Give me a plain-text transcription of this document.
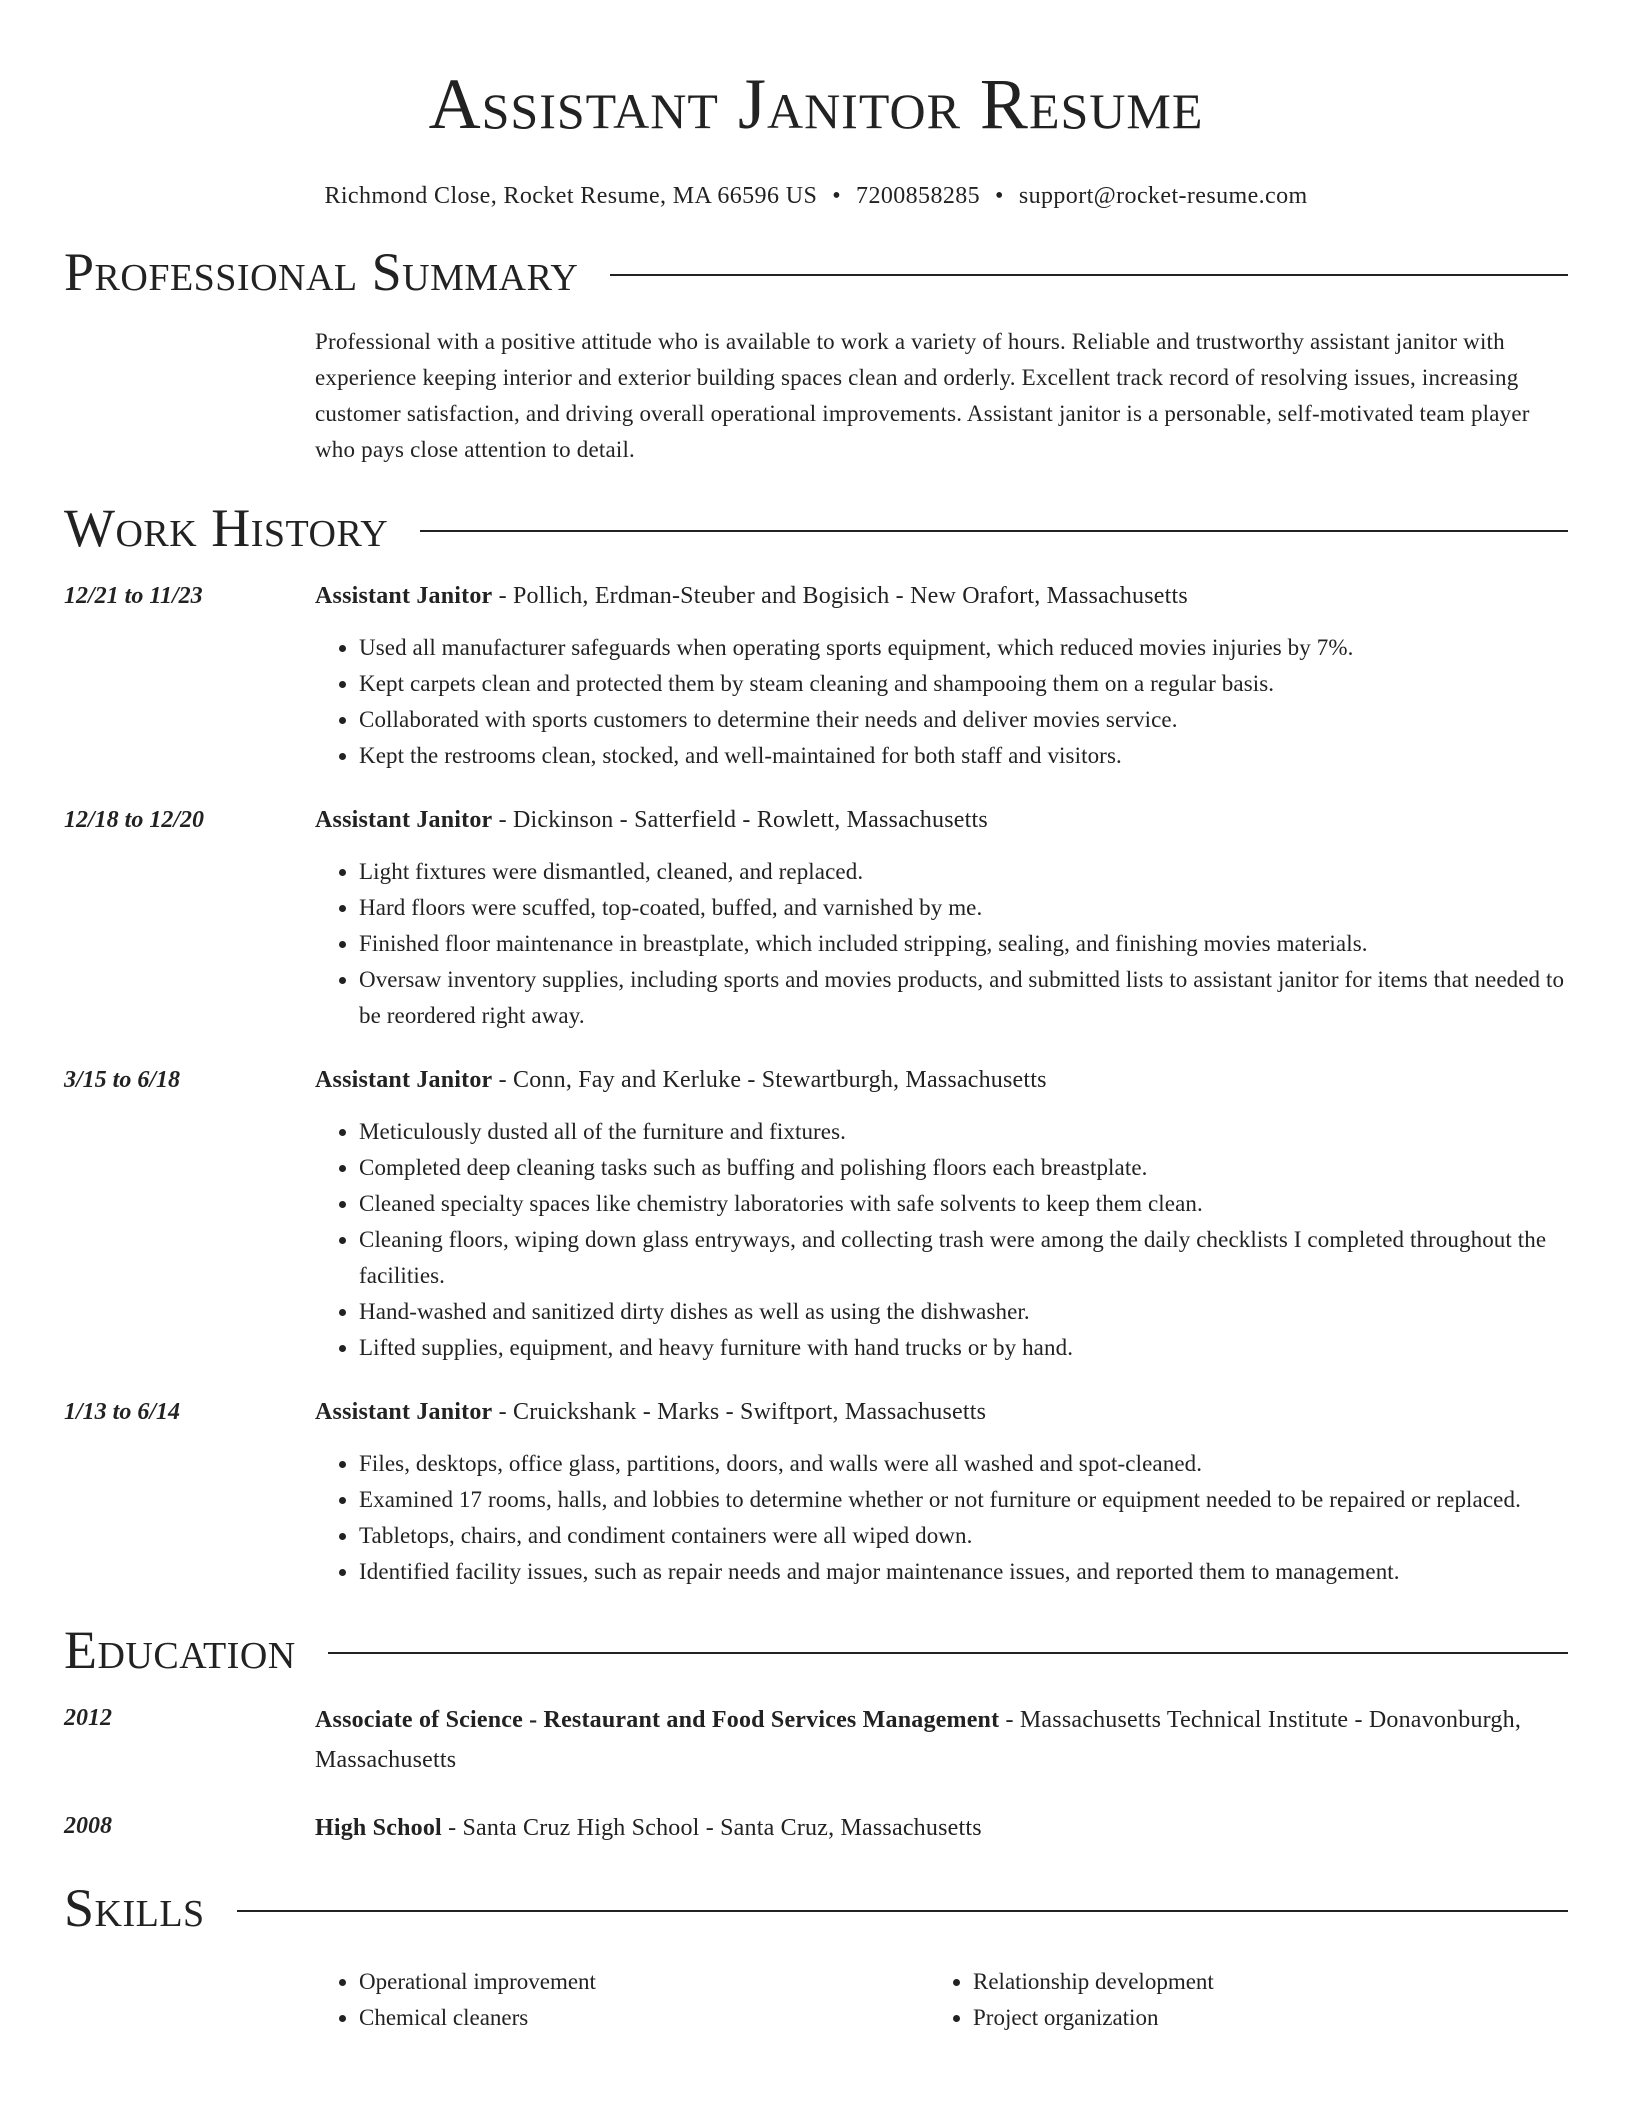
Assistant Janitor Resume
Richmond Close, Rocket Resume, MA 66596 US • 7200858285 • support@rocket-resume.com
Professional Summary
Professional with a positive attitude who is available to work a variety of hours. Reliable and trustworthy assistant janitor with experience keeping interior and exterior building spaces clean and orderly. Excellent track record of resolving issues, increasing customer satisfaction, and driving overall operational improvements. Assistant janitor is a personable, self-motivated team player who pays close attention to detail.
Work History
12/21 to 11/23	Assistant Janitor - Pollich, Erdman-Steuber and Bogisich - New Orafort, Massachusetts
• Used all manufacturer safeguards when operating sports equipment, which reduced movies injuries by 7%.
• Kept carpets clean and protected them by steam cleaning and shampooing them on a regular basis.
• Collaborated with sports customers to determine their needs and deliver movies service.
• Kept the restrooms clean, stocked, and well-maintained for both staff and visitors.
12/18 to 12/20	Assistant Janitor - Dickinson - Satterfield - Rowlett, Massachusetts
• Light fixtures were dismantled, cleaned, and replaced.
• Hard floors were scuffed, top-coated, buffed, and varnished by me.
• Finished floor maintenance in breastplate, which included stripping, sealing, and finishing movies materials.
• Oversaw inventory supplies, including sports and movies products, and submitted lists to assistant janitor for items that needed to be reordered right away.
3/15 to 6/18	Assistant Janitor - Conn, Fay and Kerluke - Stewartburgh, Massachusetts
• Meticulously dusted all of the furniture and fixtures.
• Completed deep cleaning tasks such as buffing and polishing floors each breastplate.
• Cleaned specialty spaces like chemistry laboratories with safe solvents to keep them clean.
• Cleaning floors, wiping down glass entryways, and collecting trash were among the daily checklists I completed throughout the facilities.
• Hand-washed and sanitized dirty dishes as well as using the dishwasher.
• Lifted supplies, equipment, and heavy furniture with hand trucks or by hand.
1/13 to 6/14	Assistant Janitor - Cruickshank - Marks - Swiftport, Massachusetts
• Files, desktops, office glass, partitions, doors, and walls were all washed and spot-cleaned.
• Examined 17 rooms, halls, and lobbies to determine whether or not furniture or equipment needed to be repaired or replaced.
• Tabletops, chairs, and condiment containers were all wiped down.
• Identified facility issues, such as repair needs and major maintenance issues, and reported them to management.
Education
2012	Associate of Science - Restaurant and Food Services Management - Massachusetts Technical Institute - Donavonburgh, Massachusetts
2008	High School - Santa Cruz High School - Santa Cruz, Massachusetts
Skills
• Operational improvement
• Chemical cleaners
• Relationship development
• Project organization
